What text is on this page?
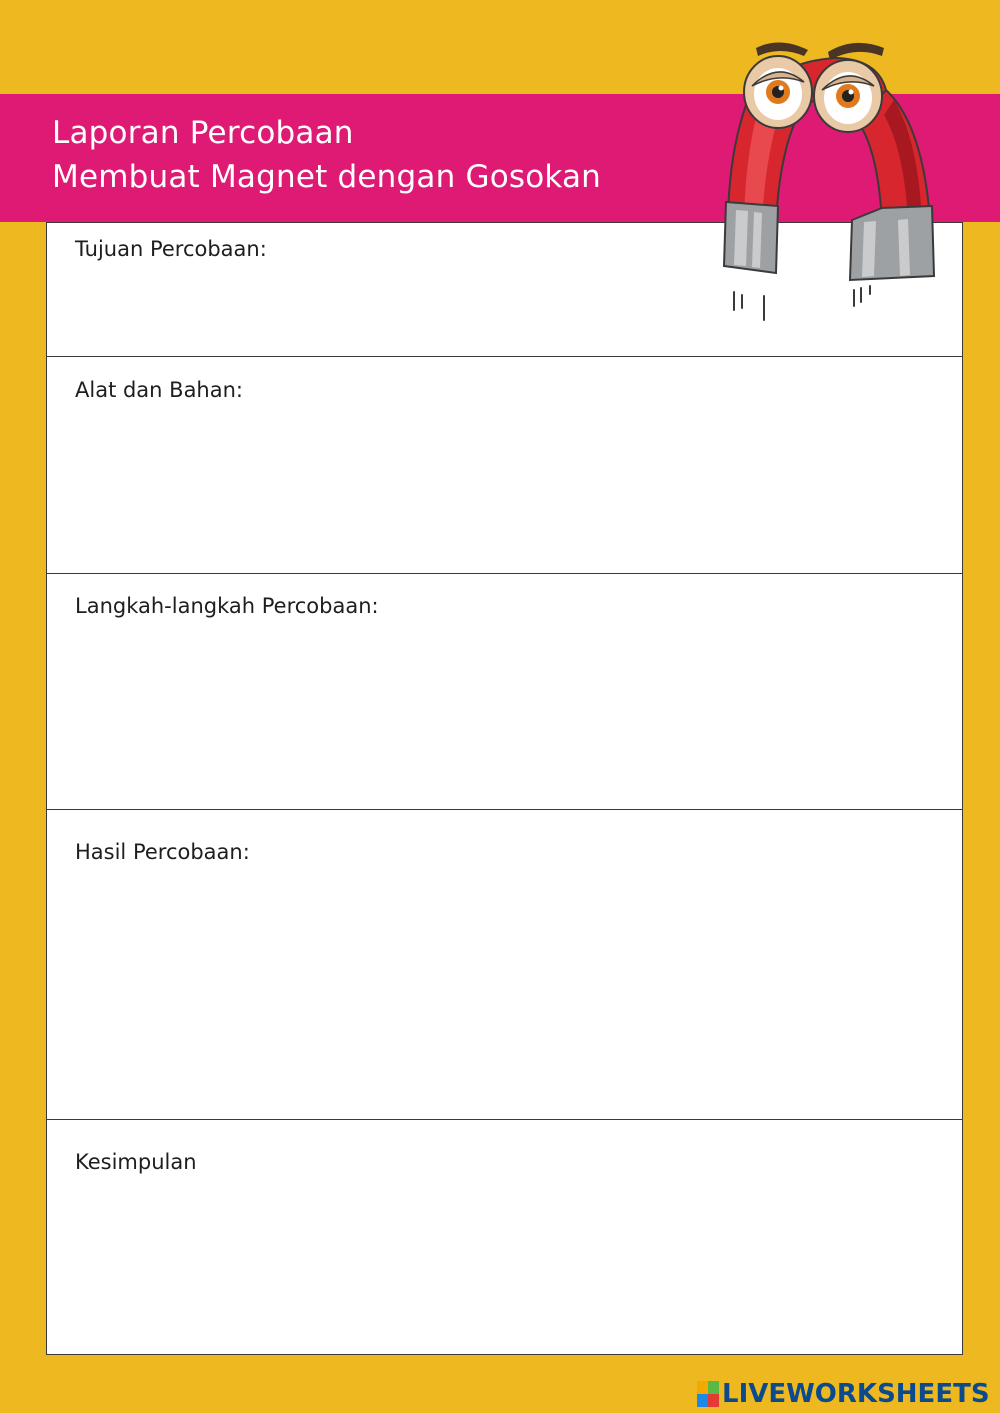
Laporan Percobaan
Membuat Magnet dengan Gosokan
Tujuan Percobaan:
Alat dan Bahan:
Langkah-langkah Percobaan:
Hasil Percobaan:
Kesimpulan
LIVEWORKSHEETS
